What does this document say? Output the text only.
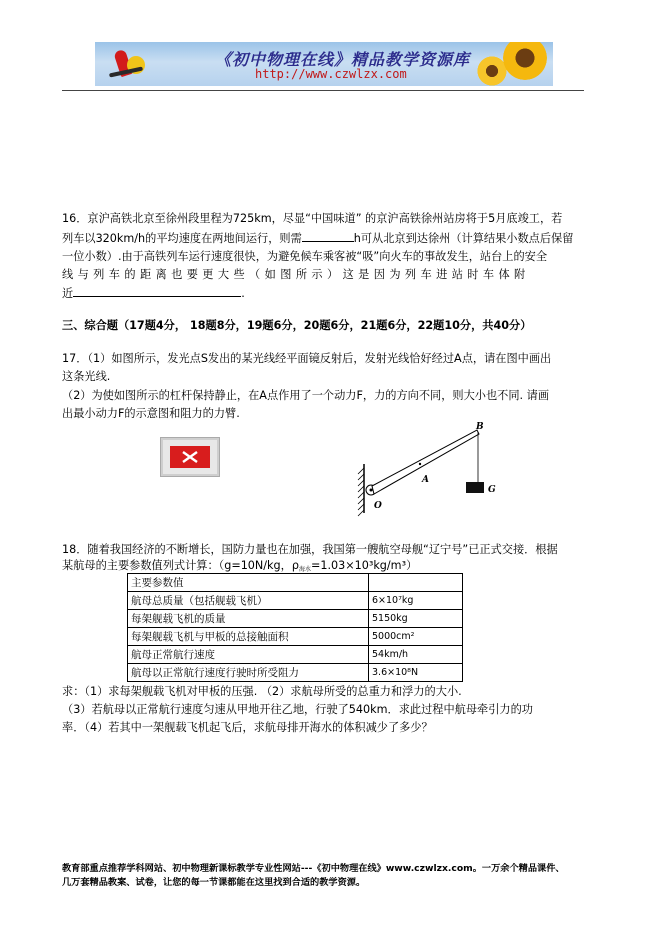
《初中物理在线》精品教学资源库
http://www.czwlzx.com
16．京沪高铁北京至徐州段里程为725km，尽显“中国味道” 的京沪高铁徐州站房将于5月底竣工，若
列车以320km/h的平均速度在两地间运行，则需	h可从北京到达徐州（计算结果小数点后保留
一位小数）.由于高铁列车运行速度很快，为避免候车乘客被“吸”向火车的事故发生，站台上的安全
线与列车的距离也要更大些（如图所示）这是因为列车进站时车体附
近	.
三、综合题（17题4分， 18题8分，19题6分，20题6分，21题6分，22题10分，共40分）
17．（1）如图所示，发光点S发出的某光线经平面镜反射后，发射光线恰好经过A点，请在图中画出
这条光线.
（2）为使如图所示的杠杆保持静止，在A点作用了一个动力F，力的方向不同，则大小也不同. 请画
出最小动力F的示意图和阻力的力臂.
B
A
G
O
18．随着我国经济的不断增长，国防力量也在加强，我国第一艘航空母舰“辽宁号”已正式交接．根据
某航母的主要参数值列式计算：（g=10N/kg，ρ海水=1.03×10³kg/m³）
主要参数值	
航母总质量（包括舰载飞机）	6×10⁷kg
每架舰载飞机的质量	5150kg
每架舰载飞机与甲板的总接触面积	5000cm²
航母正常航行速度	54km/h
航母以正常航行速度行驶时所受阻力	3.6×10⁸N
求：（1）求每架舰载飞机对甲板的压强. （2）求航母所受的总重力和浮力的大小.
（3）若航母以正常航行速度匀速从甲地开往乙地，行驶了540km．求此过程中航母牵引力的功
率．（4）若其中一架舰载飞机起飞后，求航母排开海水的体积减少了多少？
教育部重点推荐学科网站、初中物理新课标教学专业性网站---《初中物理在线》www.czwlzx.com。一万余个精品课件、
几万套精品教案、试卷，让您的每一节课都能在这里找到合适的教学资源。
